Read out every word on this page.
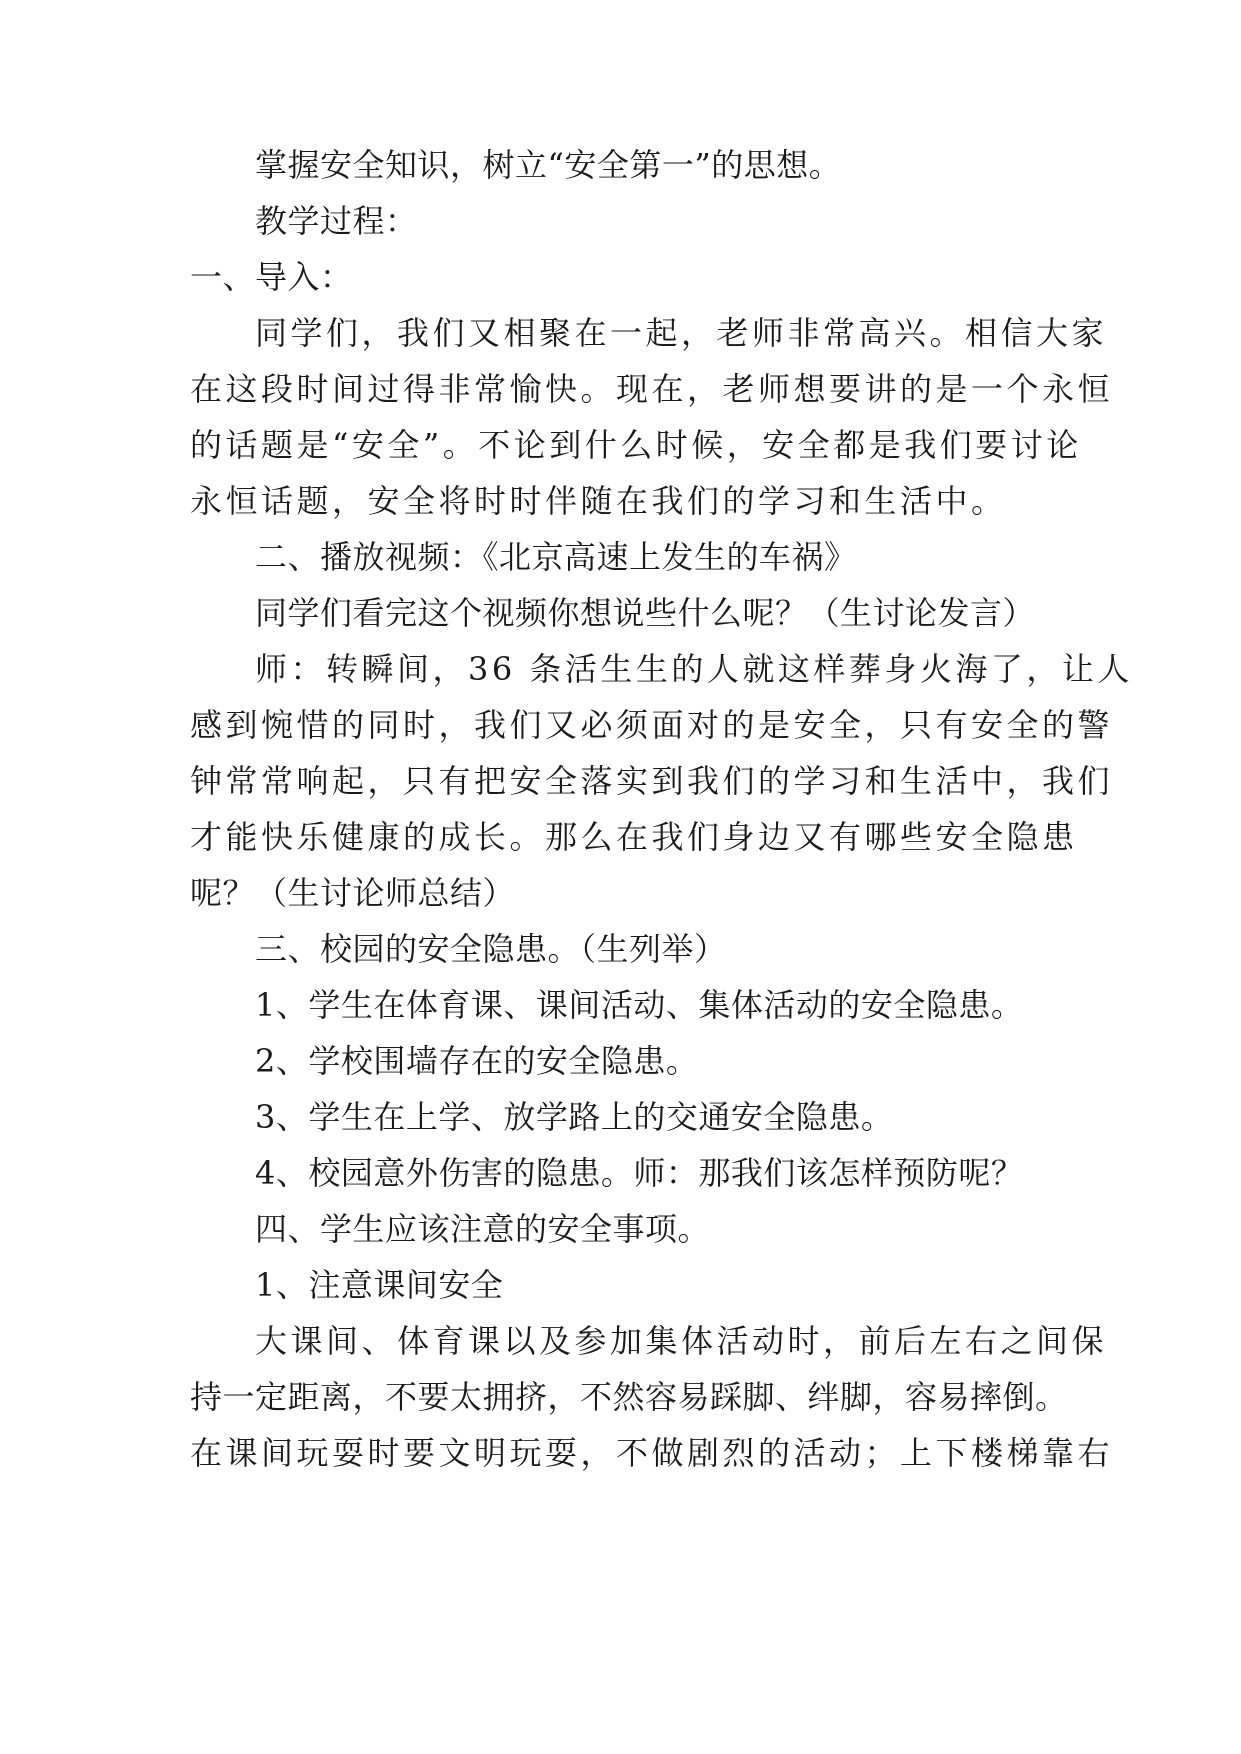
掌握安全知识，树立“安全第一”的思想。
教学过程：
一、导入：
同学们，我们又相聚在一起，老师非常高兴。相信大家
在这段时间过得非常愉快。现在，老师想要讲的是一个永恒
的话题是“安全”。不论到什么时候，安全都是我们要讨论
永恒话题，安全将时时伴随在我们的学习和生活中。
二、播放视频：《北京高速上发生的车祸》
同学们看完这个视频你想说些什么呢？（生讨论发言）
师：转瞬间，36 条活生生的人就这样葬身火海了，让人
感到惋惜的同时，我们又必须面对的是安全，只有安全的警
钟常常响起，只有把安全落实到我们的学习和生活中，我们
才能快乐健康的成长。那么在我们身边又有哪些安全隐患
呢？（生讨论师总结）
三、校园的安全隐患。（生列举）
1、学生在体育课、课间活动、集体活动的安全隐患。
2、学校围墙存在的安全隐患。
3、学生在上学、放学路上的交通安全隐患。
4、校园意外伤害的隐患。师：那我们该怎样预防呢？
四、学生应该注意的安全事项。
1、注意课间安全
大课间、体育课以及参加集体活动时，前后左右之间保
持一定距离，不要太拥挤，不然容易踩脚、绊脚，容易摔倒。
在课间玩耍时要文明玩耍，不做剧烈的活动；上下楼梯靠右
